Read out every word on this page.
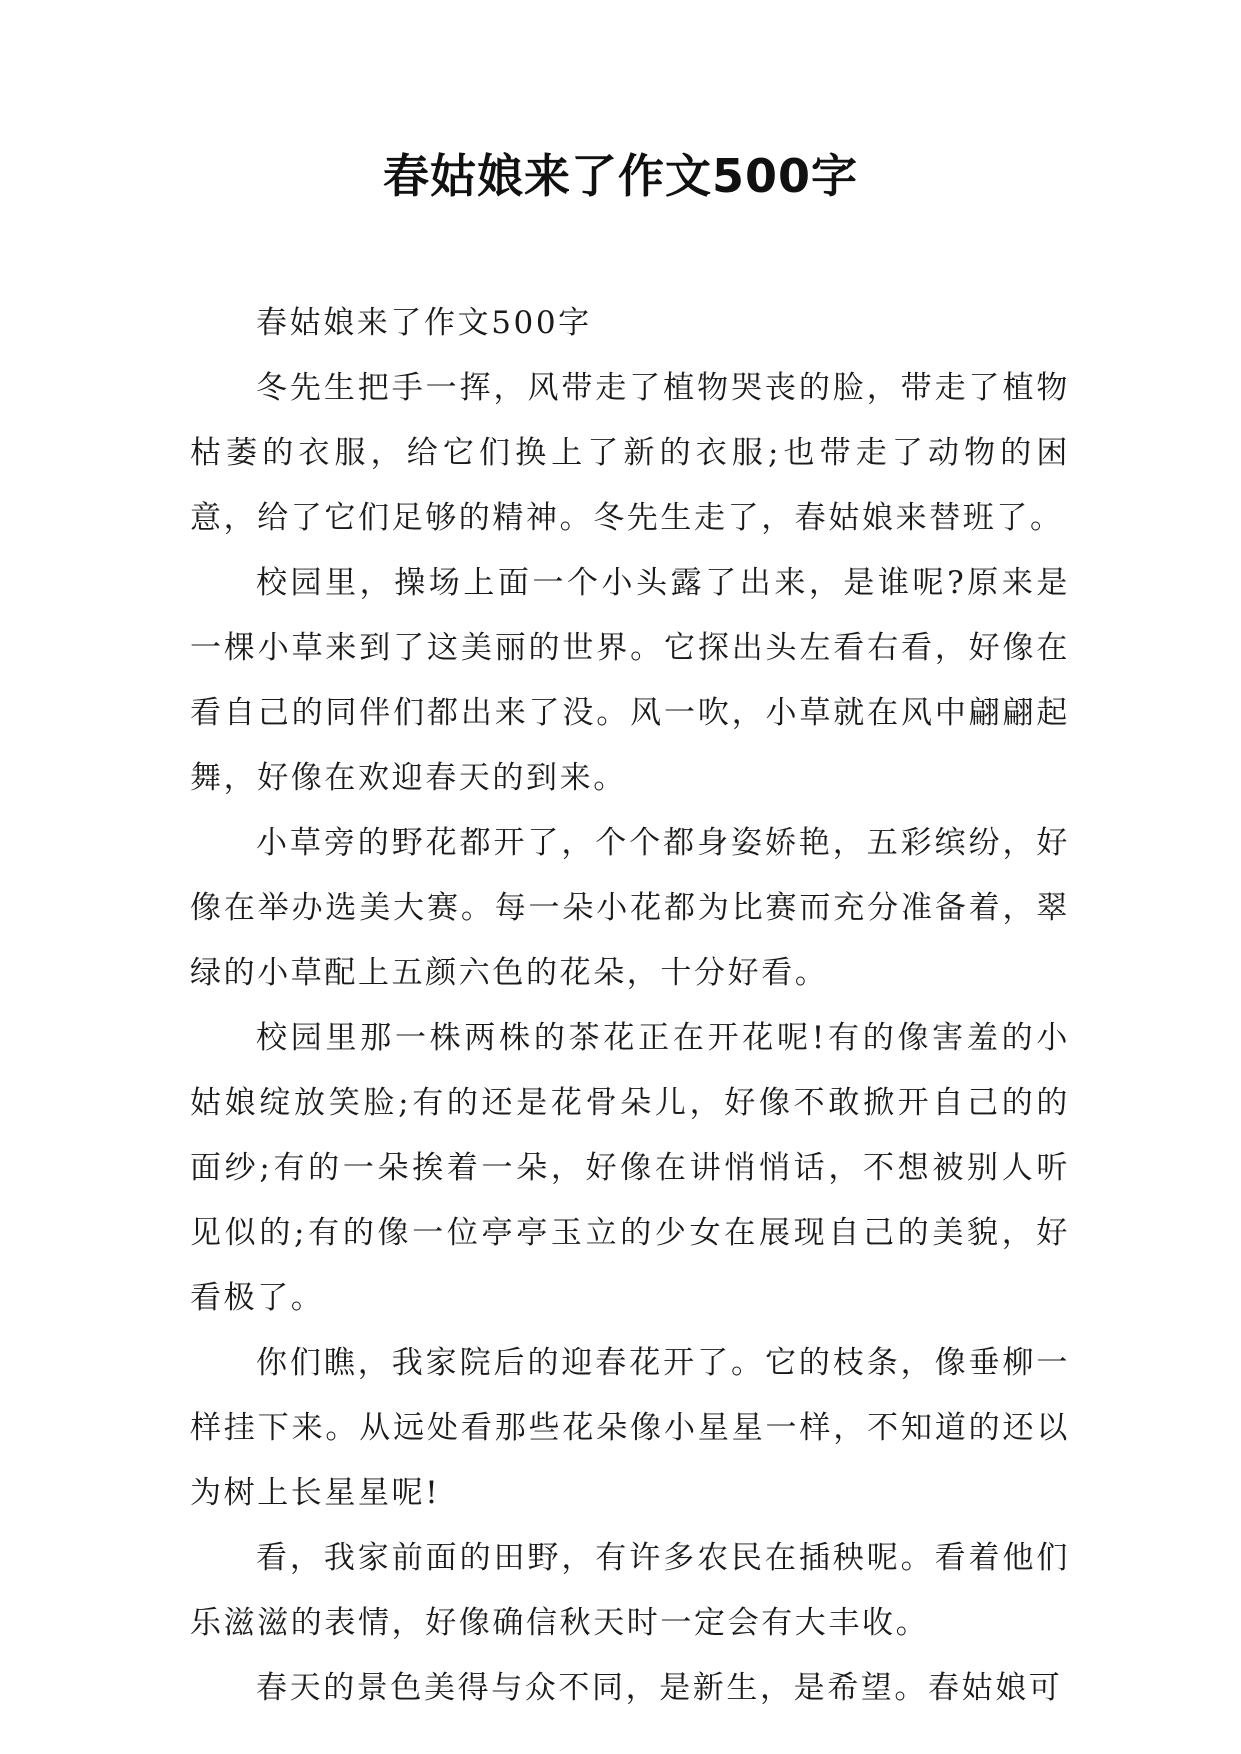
春姑娘来了作文500字

春姑娘来了作文500字

冬先生把手一挥，风带走了植物哭丧的脸，带走了植物枯萎的衣服，给它们换上了新的衣服;也带走了动物的困意，给了它们足够的精神。冬先生走了，春姑娘来替班了。

校园里，操场上面一个小头露了出来，是谁呢?原来是一棵小草来到了这美丽的世界。它探出头左看右看，好像在看自己的同伴们都出来了没。风一吹，小草就在风中翩翩起舞，好像在欢迎春天的到来。

小草旁的野花都开了，个个都身姿娇艳，五彩缤纷，好像在举办选美大赛。每一朵小花都为比赛而充分准备着，翠绿的小草配上五颜六色的花朵，十分好看。

校园里那一株两株的茶花正在开花呢!有的像害羞的小姑娘绽放笑脸;有的还是花骨朵儿，好像不敢掀开自己的的面纱;有的一朵挨着一朵，好像在讲悄悄话，不想被别人听见似的;有的像一位亭亭玉立的少女在展现自己的美貌，好看极了。

你们瞧，我家院后的迎春花开了。它的枝条，像垂柳一样挂下来。从远处看那些花朵像小星星一样，不知道的还以为树上长星星呢!

看，我家前面的田野，有许多农民在插秧呢。看着他们乐滋滋的表情，好像确信秋天时一定会有大丰收。

春天的景色美得与众不同，是新生，是希望。春姑娘可
